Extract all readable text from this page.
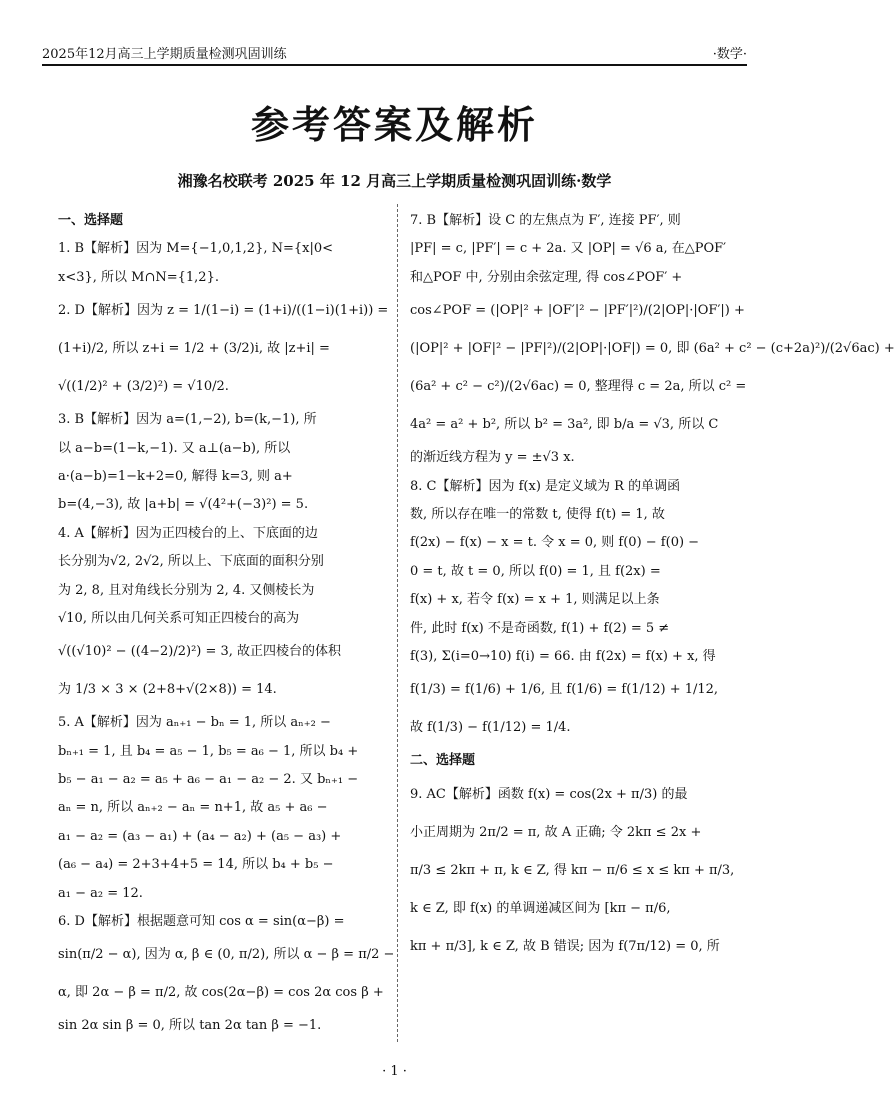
2025年12月高三上学期质量检测巩固训练	·数学·
参考答案及解析
湘豫名校联考 2025 年 12 月高三上学期质量检测巩固训练·数学
一、选择题
1. B【解析】因为 M={−1,0,1,2}, N={x|0<
x<3}, 所以 M∩N={1,2}.
2. D【解析】因为 z = 1/(1−i) = (1+i)/((1−i)(1+i)) =
(1+i)/2, 所以 z+i = 1/2 + (3/2)i, 故 |z+i| =
√((1/2)² + (3/2)²) = √10/2.
3. B【解析】因为 a=(1,−2), b=(k,−1), 所
以 a−b=(1−k,−1). 又 a⊥(a−b), 所以
a·(a−b)=1−k+2=0, 解得 k=3, 则 a+
b=(4,−3), 故 |a+b| = √(4²+(−3)²) = 5.
4. A【解析】因为正四棱台的上、下底面的边
长分别为√2, 2√2, 所以上、下底面的面积分别
为 2, 8, 且对角线长分别为 2, 4. 又侧棱长为
√10, 所以由几何关系可知正四棱台的高为
√((√10)² − ((4−2)/2)²) = 3, 故正四棱台的体积
为 1/3 × 3 × (2+8+√(2×8)) = 14.
5. A【解析】因为 aₙ₊₁ − bₙ = 1, 所以 aₙ₊₂ −
bₙ₊₁ = 1, 且 b₄ = a₅ − 1, b₅ = a₆ − 1, 所以 b₄ +
b₅ − a₁ − a₂ = a₅ + a₆ − a₁ − a₂ − 2. 又 bₙ₊₁ −
aₙ = n, 所以 aₙ₊₂ − aₙ = n+1, 故 a₅ + a₆ −
a₁ − a₂ = (a₃ − a₁) + (a₄ − a₂) + (a₅ − a₃) +
(a₆ − a₄) = 2+3+4+5 = 14, 所以 b₄ + b₅ −
a₁ − a₂ = 12.
6. D【解析】根据题意可知 cos α = sin(α−β) =
sin(π/2 − α), 因为 α, β ∈ (0, π/2), 所以 α − β = π/2 −
α, 即 2α − β = π/2, 故 cos(2α−β) = cos 2α cos β +
sin 2α sin β = 0, 所以 tan 2α tan β = −1.
7. B【解析】设 C 的左焦点为 F′, 连接 PF′, 则
|PF| = c, |PF′| = c + 2a. 又 |OP| = √6 a, 在△POF′
和△POF 中, 分别由余弦定理, 得 cos∠POF′ +
cos∠POF = (|OP|² + |OF′|² − |PF′|²)/(2|OP|·|OF′|) +
(|OP|² + |OF|² − |PF|²)/(2|OP|·|OF|) = 0, 即 (6a² + c² − (c+2a)²)/(2√6ac) +
(6a² + c² − c²)/(2√6ac) = 0, 整理得 c = 2a, 所以 c² =
4a² = a² + b², 所以 b² = 3a², 即 b/a = √3, 所以 C
的渐近线方程为 y = ±√3 x.
8. C【解析】因为 f(x) 是定义域为 R 的单调函
数, 所以存在唯一的常数 t, 使得 f(t) = 1, 故
f(2x) − f(x) − x = t. 令 x = 0, 则 f(0) − f(0) −
0 = t, 故 t = 0, 所以 f(0) = 1, 且 f(2x) =
f(x) + x, 若令 f(x) = x + 1, 则满足以上条
件, 此时 f(x) 不是奇函数, f(1) + f(2) = 5 ≠
f(3), Σ(i=0→10) f(i) = 66. 由 f(2x) = f(x) + x, 得
f(1/3) = f(1/6) + 1/6, 且 f(1/6) = f(1/12) + 1/12,
故 f(1/3) − f(1/12) = 1/4.
二、选择题
9. AC【解析】函数 f(x) = cos(2x + π/3) 的最
小正周期为 2π/2 = π, 故 A 正确; 令 2kπ ≤ 2x +
π/3 ≤ 2kπ + π, k ∈ Z, 得 kπ − π/6 ≤ x ≤ kπ + π/3,
k ∈ Z, 即 f(x) 的单调递减区间为 [kπ − π/6,
kπ + π/3], k ∈ Z, 故 B 错误; 因为 f(7π/12) = 0, 所
· 1 ·
